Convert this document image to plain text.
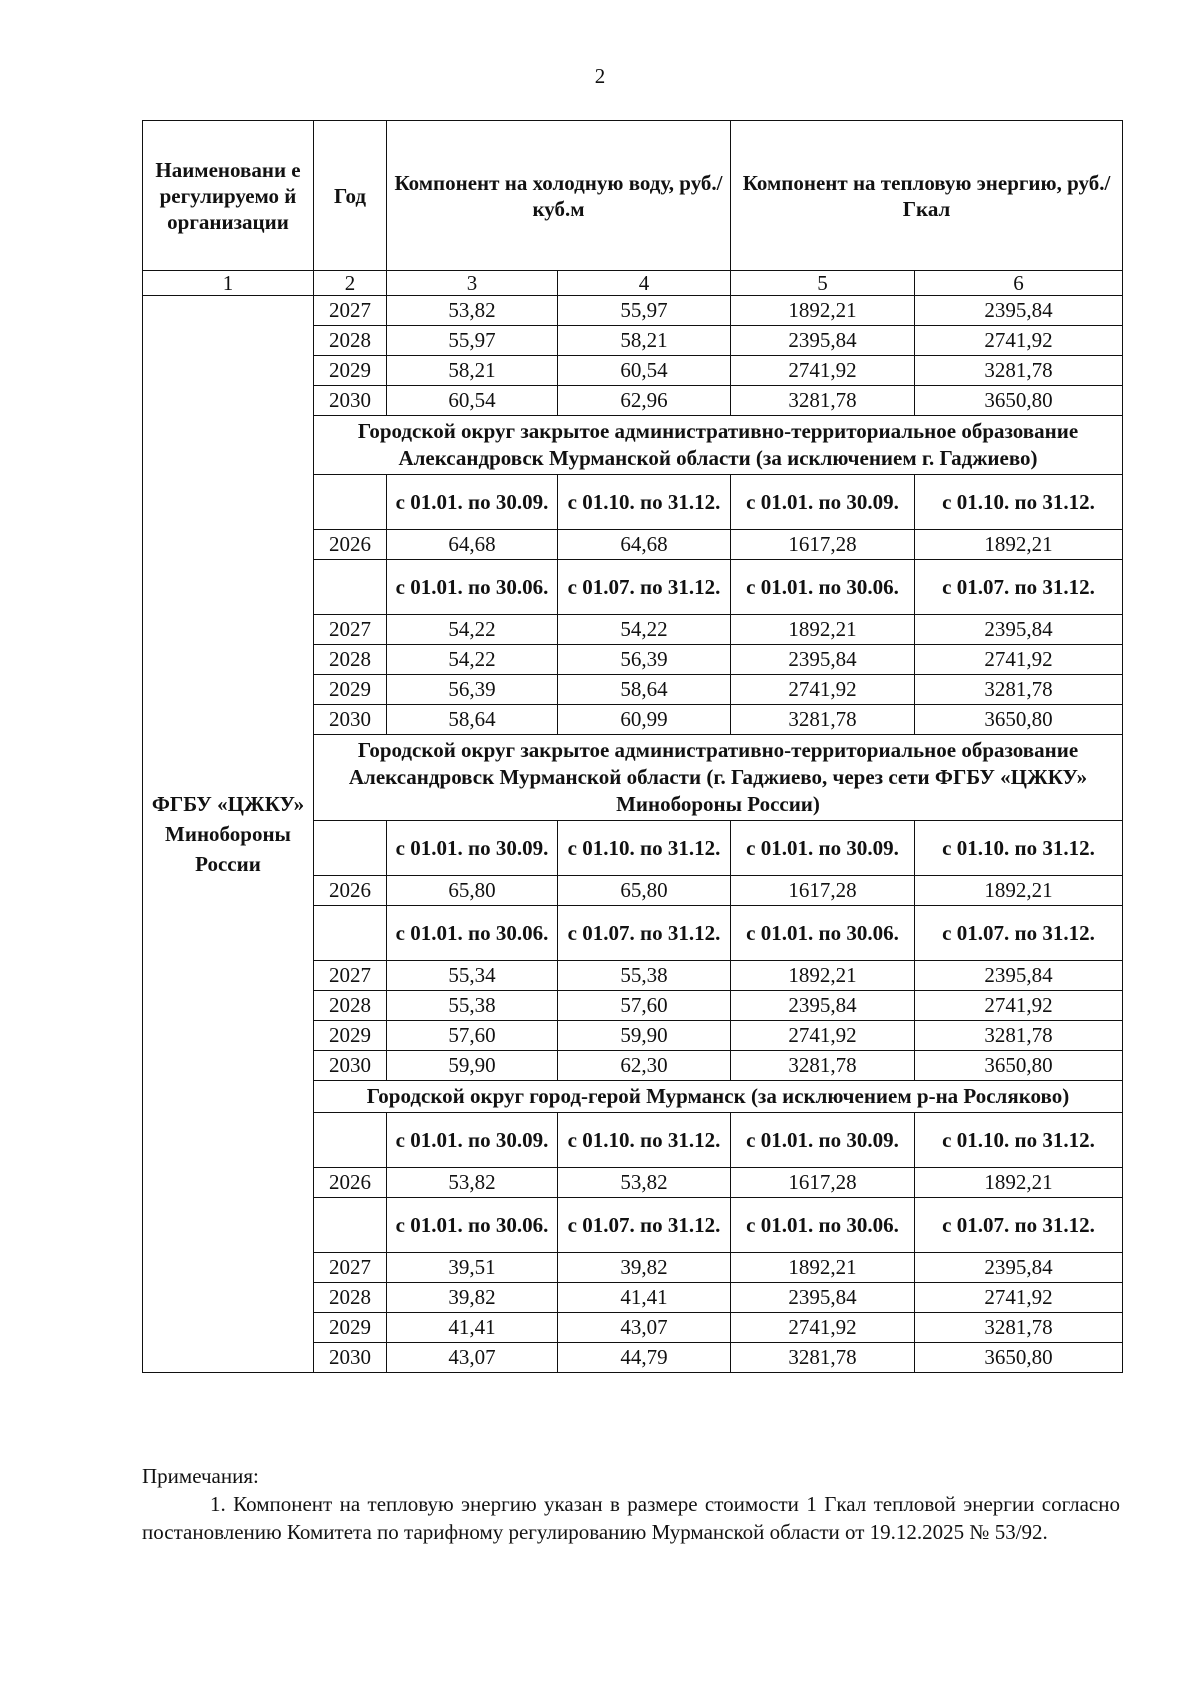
2
Наименовани е регулируемо й организации	Год	Компонент на холодную воду, руб./куб.м		Компонент на тепловую энергию, руб./Гкал	
1	2	3	4	5	6
ФГБУ «ЦЖКУ» Минобороны России	2027	53,82	55,97	1892,21	2395,84
	2028	55,97	58,21	2395,84	2741,92
	2029	58,21	60,54	2741,92	3281,78
	2030	60,54	62,96	3281,78	3650,80
	Городской округ закрытое административно-территориальное образование Александровск Мурманской области (за исключением г. Гаджиево)				
		с 01.01. по 30.09.	с 01.10. по 31.12.	с 01.01. по 30.09.	с 01.10. по 31.12.
	2026	64,68	64,68	1617,28	1892,21
		с 01.01. по 30.06.	с 01.07. по 31.12.	с 01.01. по 30.06.	с 01.07. по 31.12.
	2027	54,22	54,22	1892,21	2395,84
	2028	54,22	56,39	2395,84	2741,92
	2029	56,39	58,64	2741,92	3281,78
	2030	58,64	60,99	3281,78	3650,80
	Городской округ закрытое административно-территориальное образование Александровск Мурманской области (г. Гаджиево, через сети ФГБУ «ЦЖКУ» Минобороны России)				
		с 01.01. по 30.09.	с 01.10. по 31.12.	с 01.01. по 30.09.	с 01.10. по 31.12.
	2026	65,80	65,80	1617,28	1892,21
		с 01.01. по 30.06.	с 01.07. по 31.12.	с 01.01. по 30.06.	с 01.07. по 31.12.
	2027	55,34	55,38	1892,21	2395,84
	2028	55,38	57,60	2395,84	2741,92
	2029	57,60	59,90	2741,92	3281,78
	2030	59,90	62,30	3281,78	3650,80
	Городской округ город-герой Мурманск (за исключением р-на Росляково)				
		с 01.01. по 30.09.	с 01.10. по 31.12.	с 01.01. по 30.09.	с 01.10. по 31.12.
	2026	53,82	53,82	1617,28	1892,21
		с 01.01. по 30.06.	с 01.07. по 31.12.	с 01.01. по 30.06.	с 01.07. по 31.12.
	2027	39,51	39,82	1892,21	2395,84
	2028	39,82	41,41	2395,84	2741,92
	2029	41,41	43,07	2741,92	3281,78
	2030	43,07	44,79	3281,78	3650,80

Примечания:

1. Компонент на тепловую энергию указан в размере стоимости 1 Гкал тепловой энергии согласно постановлению Комитета по тарифному регулированию Мурманской области от 19.12.2025 № 53/92.
